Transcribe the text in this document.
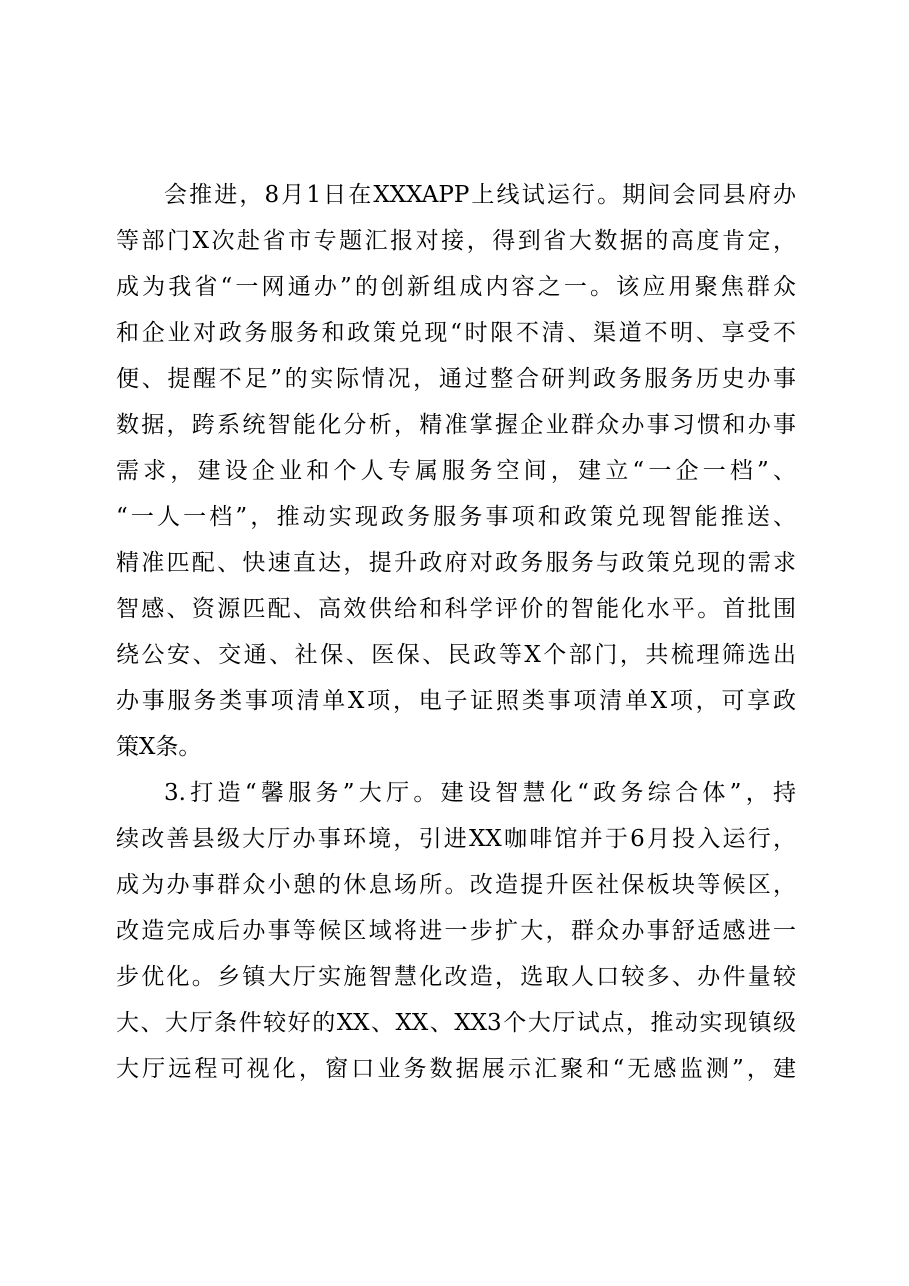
会推进，8月1日在XXXAPP上线试运行。期间会同县府办
等部门X次赴省市专题汇报对接，得到省大数据的高度肯定，
成为我省“一网通办”的创新组成内容之一。该应用聚焦群众
和企业对政务服务和政策兑现“时限不清、渠道不明、享受不
便、提醒不足”的实际情况，通过整合研判政务服务历史办事
数据，跨系统智能化分析，精准掌握企业群众办事习惯和办事
需求，建设企业和个人专属服务空间，建立“一企一档”、
“一人一档”，推动实现政务服务事项和政策兑现智能推送、
精准匹配、快速直达，提升政府对政务服务与政策兑现的需求
智感、资源匹配、高效供给和科学评价的智能化水平。首批围
绕公安、交通、社保、医保、民政等X个部门，共梳理筛选出
办事服务类事项清单X项，电子证照类事项清单X项，可享政
策X条。
3.打造“馨服务”大厅。建设智慧化“政务综合体”，持
续改善县级大厅办事环境，引进XX咖啡馆并于6月投入运行，
成为办事群众小憩的休息场所。改造提升医社保板块等候区，
改造完成后办事等候区域将进一步扩大，群众办事舒适感进一
步优化。乡镇大厅实施智慧化改造，选取人口较多、办件量较
大、大厅条件较好的XX、XX、XX3个大厅试点，推动实现镇级
大厅远程可视化，窗口业务数据展示汇聚和“无感监测”，建
